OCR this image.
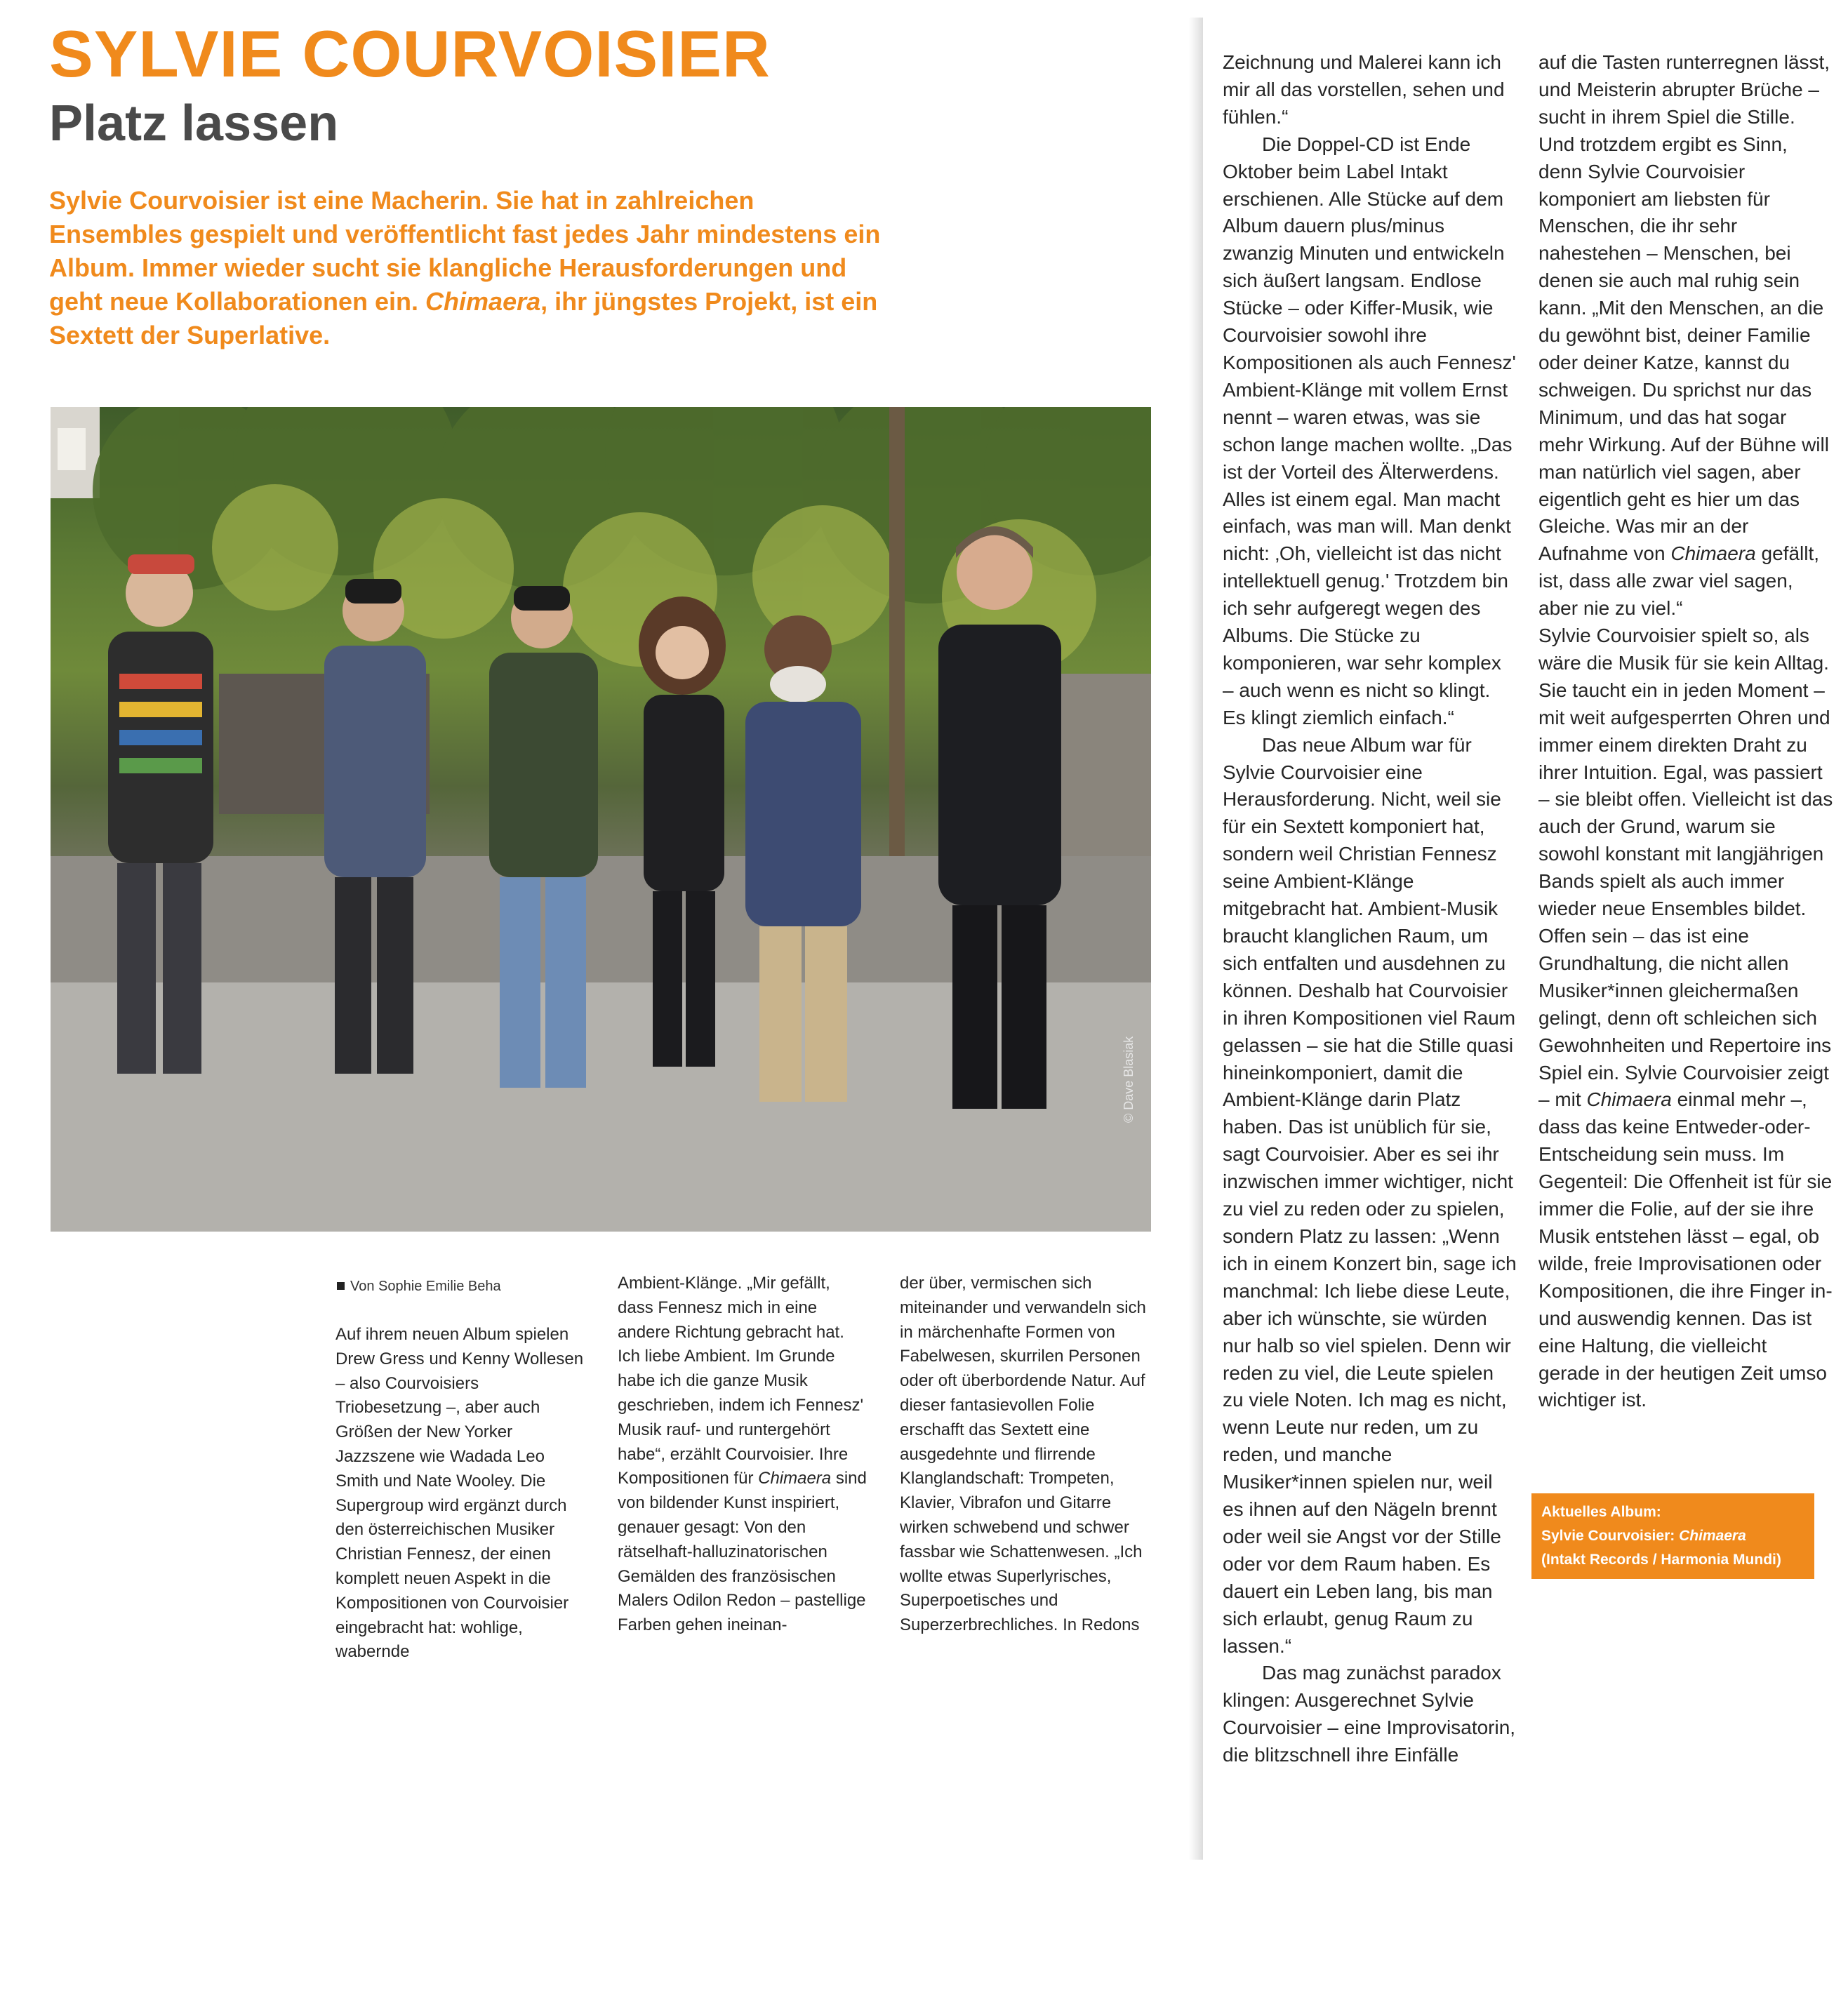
SYLVIE COURVOISIER
Platz lassen

Sylvie Courvoisier ist eine Macherin. Sie hat in zahlreichen Ensembles gespielt und veröffentlicht fast jedes Jahr mindestens ein Album. Immer wieder sucht sie klangliche Herausforderungen und geht neue Kollaborationen ein. Chimaera, ihr jüngstes Projekt, ist ein Sextett der Superlative.

© Dave Blasiak

Von Sophie Emilie Beha

Auf ihrem neuen Album spielen Drew Gress und Kenny Wollesen – also Courvoisiers Triobesetzung –, aber auch Größen der New Yorker Jazzszene wie Wadada Leo Smith und Nate Wooley. Die Supergroup wird ergänzt durch den österreichischen Musiker Christian Fennesz, der einen komplett neuen Aspekt in die Kompositionen von Courvoisier eingebracht hat: wohlige, wabernde

Ambient-Klänge. „Mir gefällt, dass Fennesz mich in eine andere Richtung gebracht hat. Ich liebe Ambient. Im Grunde habe ich die ganze Musik geschrieben, indem ich Fennesz' Musik rauf- und runtergehört habe“, erzählt Courvoisier. Ihre Kompositionen für Chimaera sind von bildender Kunst inspiriert, genauer gesagt: Von den rätselhaft-halluzinatorischen Gemälden des französischen Malers Odilon Redon – pastellige Farben gehen ineinan-

der über, vermischen sich miteinander und verwandeln sich in märchenhafte Formen von Fabelwesen, skurrilen Personen oder oft überbordende Natur. Auf dieser fantasievollen Folie erschafft das Sextett eine ausgedehnte und flirrende Klanglandschaft: Trompeten, Klavier, Vibrafon und Gitarre wirken schwebend und schwer fassbar wie Schattenwesen. „Ich wollte etwas Superlyrisches, Superpoetisches und Superzerbrechliches. In Redons

Zeichnung und Malerei kann ich mir all das vorstellen, sehen und fühlen.“

Die Doppel-CD ist Ende Oktober beim Label Intakt erschienen. Alle Stücke auf dem Album dauern plus/minus zwanzig Minuten und entwickeln sich äußert langsam. Endlose Stücke – oder Kiffer-Musik, wie Courvoisier sowohl ihre Kompositionen als auch Fennesz' Ambient-Klänge mit vollem Ernst nennt – waren etwas, was sie schon lange machen wollte. „Das ist der Vorteil des Älterwerdens. Alles ist einem egal. Man macht einfach, was man will. Man denkt nicht: ‚Oh, vielleicht ist das nicht intellektuell genug.' Trotzdem bin ich sehr aufgeregt wegen des Albums. Die Stücke zu komponieren, war sehr komplex – auch wenn es nicht so klingt. Es klingt ziemlich einfach.“

Das neue Album war für Sylvie Courvoisier eine Herausforderung. Nicht, weil sie für ein Sextett komponiert hat, sondern weil Christian Fennesz seine Ambient-Klänge mitgebracht hat. Ambient-Musik braucht klanglichen Raum, um sich entfalten und ausdehnen zu können. Deshalb hat Courvoisier in ihren Kompositionen viel Raum gelassen – sie hat die Stille quasi hineinkomponiert, damit die Ambient-Klänge darin Platz haben. Das ist unüblich für sie, sagt Courvoisier. Aber es sei ihr inzwischen immer wichtiger, nicht zu viel zu reden oder zu spielen, sondern Platz zu lassen: „Wenn ich in einem Konzert bin, sage ich manchmal: Ich liebe diese Leute, aber ich wünschte, sie würden nur halb so viel spielen. Denn wir reden zu viel, die Leute spielen zu viele Noten. Ich mag es nicht, wenn Leute nur reden, um zu reden, und manche Musiker*innen spielen nur, weil es ihnen auf den Nägeln brennt oder weil sie Angst vor der Stille oder vor dem Raum haben. Es dauert ein Leben lang, bis man sich erlaubt, genug Raum zu lassen.“

Das mag zunächst paradox klingen: Ausgerechnet Sylvie Courvoisier – eine Improvisatorin, die blitzschnell ihre Einfälle

auf die Tasten runterregnen lässt, und Meisterin abrupter Brüche – sucht in ihrem Spiel die Stille. Und trotzdem ergibt es Sinn, denn Sylvie Courvoisier komponiert am liebsten für Menschen, die ihr sehr nahestehen – Menschen, bei denen sie auch mal ruhig sein kann. „Mit den Menschen, an die du gewöhnt bist, deiner Familie oder deiner Katze, kannst du schweigen. Du sprichst nur das Minimum, und das hat sogar mehr Wirkung. Auf der Bühne will man natürlich viel sagen, aber eigentlich geht es hier um das Gleiche. Was mir an der Aufnahme von Chimaera gefällt, ist, dass alle zwar viel sagen, aber nie zu viel.“

Sylvie Courvoisier spielt so, als wäre die Musik für sie kein Alltag. Sie taucht ein in jeden Moment – mit weit aufgesperrten Ohren und immer einem direkten Draht zu ihrer Intuition. Egal, was passiert – sie bleibt offen. Vielleicht ist das auch der Grund, warum sie sowohl konstant mit langjährigen Bands spielt als auch immer wieder neue Ensembles bildet. Offen sein – das ist eine Grundhaltung, die nicht allen Musiker*innen gleichermaßen gelingt, denn oft schleichen sich Gewohnheiten und Repertoire ins Spiel ein. Sylvie Courvoisier zeigt – mit Chimaera einmal mehr –, dass das keine Entweder-oder-Entscheidung sein muss. Im Gegenteil: Die Offenheit ist für sie immer die Folie, auf der sie ihre Musik entstehen lässt – egal, ob wilde, freie Improvisationen oder Kompositionen, die ihre Finger in- und auswendig kennen. Das ist eine Haltung, die vielleicht gerade in der heutigen Zeit umso wichtiger ist.

Aktuelles Album:
Sylvie Courvoisier: Chimaera
(Intakt Records / Harmonia Mundi)
